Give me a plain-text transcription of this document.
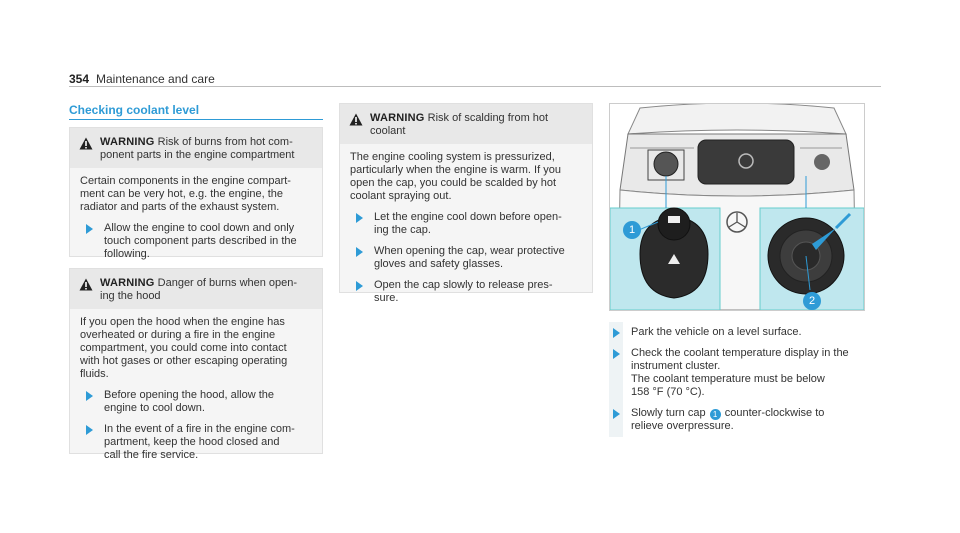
354 Maintenance and care
Checking coolant level
WARNING Risk of burns from hot com-
ponent parts in the engine compartment

Certain components in the engine compart-
ment can be very hot, e.g. the engine, the
radiator and parts of the exhaust system.

Allow the engine to cool down and only
touch component parts described in the
following.
WARNING Danger of burns when open-
ing the hood

If you open the hood when the engine has
overheated or during a fire in the engine
compartment, you could come into contact
with hot gases or other escaping operating
fluids.

Before opening the hood, allow the
engine to cool down.
In the event of a fire in the engine com-
partment, keep the hood closed and
call the fire service.
WARNING Risk of scalding from hot
coolant

The engine cooling system is pressurized,
particularly when the engine is warm. If you
open the cap, you could be scalded by hot
coolant spraying out.

Let the engine cool down before open-
ing the cap.
When opening the cap, wear protective
gloves and safety glasses.
Open the cap slowly to release pres-
sure.
1
2
Park the vehicle on a level surface.
Check the coolant temperature display in the
instrument cluster.
The coolant temperature must be below
158 °F (70 °C).
Slowly turn cap 1 counter-clockwise to
relieve overpressure.
